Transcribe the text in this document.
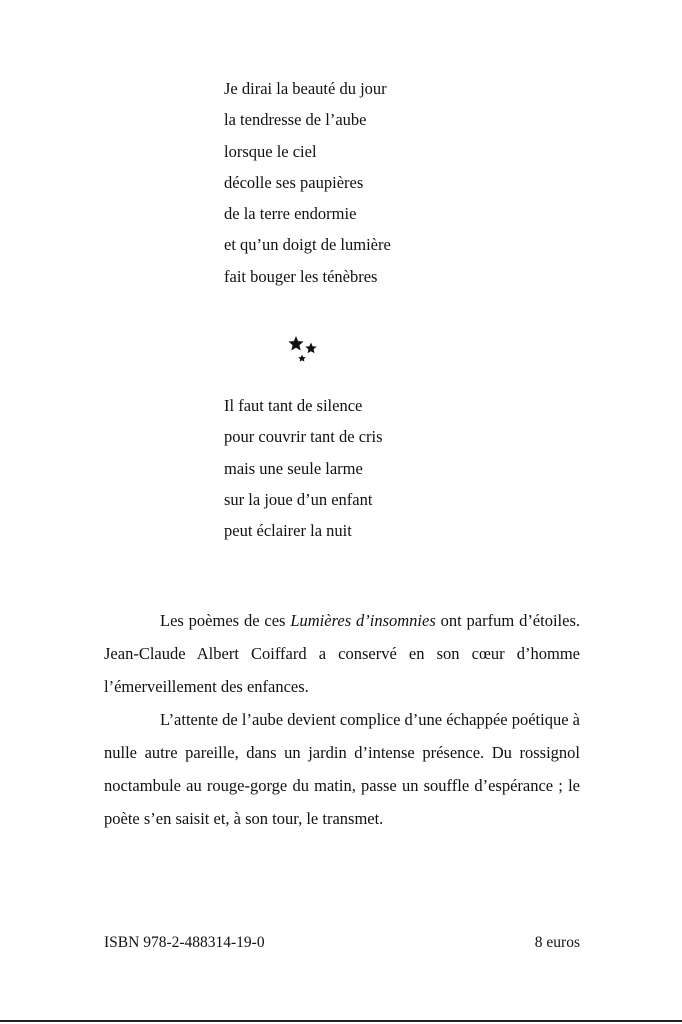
Je dirai la beauté du jour
la tendresse de l’aube
lorsque le ciel
décolle ses paupières
de la terre endormie
et qu’un doigt de lumière
fait bouger les ténèbres
Il faut tant de silence
pour couvrir tant de cris
mais une seule larme
sur la joue d’un enfant
peut éclairer la nuit

Les poèmes de ces Lumières d’insomnies ont parfum d’étoiles. Jean-Claude Albert Coiffard a conservé en son cœur d’homme l’émerveillement des enfances.

L’attente de l’aube devient complice d’une échappée poétique à nulle autre pareille, dans un jardin d’intense présence. Du rossignol noctambule au rouge-gorge du matin, passe un souffle d’espérance ; le poète s’en saisit et, à son tour, le transmet.

ISBN 978-2-488314-19-0	8 euros
